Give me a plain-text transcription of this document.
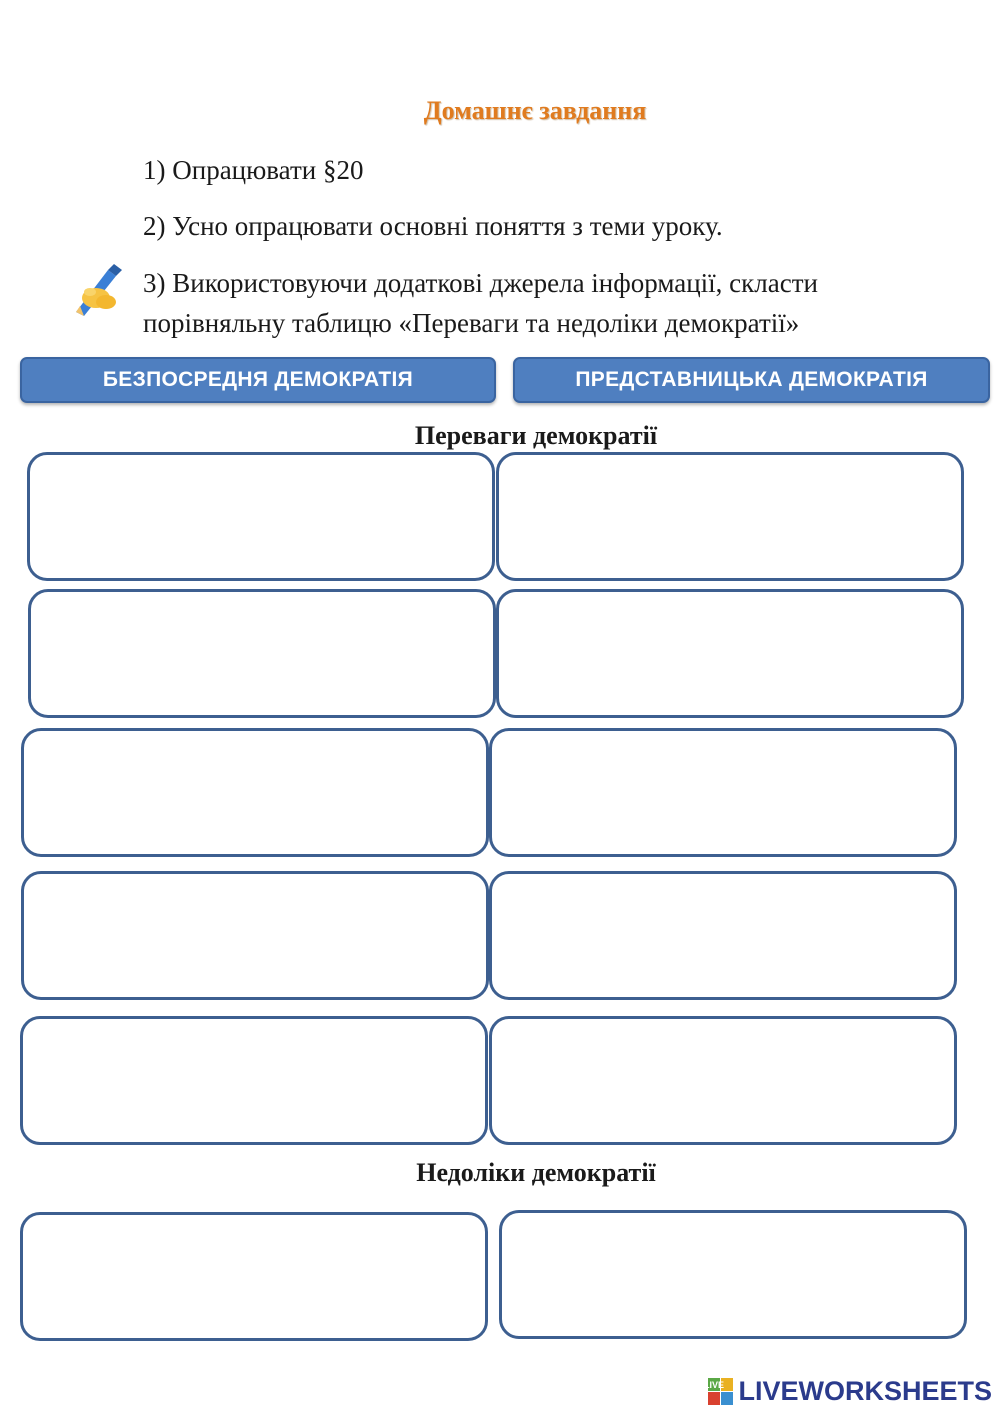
Домашнє завдання
1) Опрацювати §20
2) Усно опрацювати основні поняття з теми уроку.
3) Використовуючи додаткові джерела інформації, скласти
порівняльну таблицю «Переваги та недоліки демократії»
БЕЗПОСРЕДНЯ ДЕМОКРАТІЯ	ПРЕДСТАВНИЦЬКА ДЕМОКРАТІЯ
Переваги демократії
Недоліки демократії
LIVE LIVEWORKSHEETS
